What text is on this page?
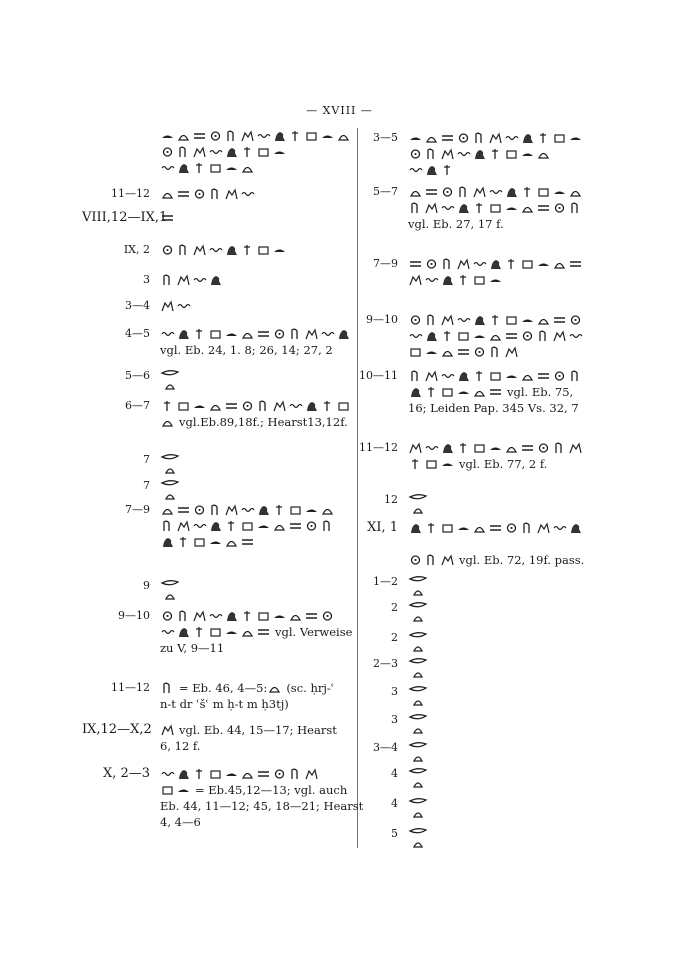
— XVIII —
11—12
VIII,12—IX,1
IX, 2
3
3—4
4—5
vgl. Eb. 24, 1. 8; 26, 14; 27, 2
5—6
6—7
vgl.Eb.89,18f.; Hearst13,12f.
7
7
7—9
9
9—10
vgl. Verweise
zu V, 9—11
11—12	= Eb. 46, 4—5: (sc. ḥrj-ʿ
n-t dr ʿšʿ m ḥ-t m ḥ3tj)
IX,12—X,2	vgl. Eb. 44, 15—17; Hearst
6, 12 f.
X, 2—3
= Eb.45,12—13; vgl. auch
Eb. 44, 11—12; 45, 18—21; Hearst
4, 4—6
3—5
5—7
vgl. Eb. 27, 17 f.
7—9
9—10
10—11
vgl. Eb. 75,
16; Leiden Pap. 345 Vs. 32, 7
11—12
vgl. Eb. 77, 2 f.
12
XI, 1
vgl. Eb. 72, 19f. pass.
1—2
2
2
2—3
3
3
3—4
4
4
5
